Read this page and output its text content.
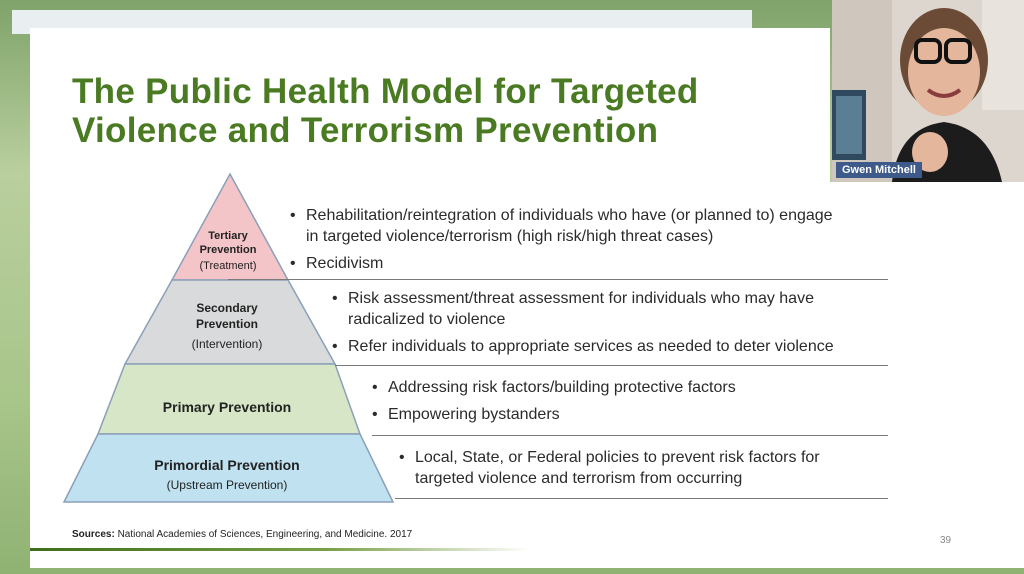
The Public Health Model for Targeted
Violence and Terrorism Prevention
Tertiary
Prevention
(Treatment)
Secondary
Prevention
(Intervention)
Primary Prevention
Primordial Prevention
(Upstream Prevention)
• Rehabilitation/reintegration of individuals who have (or planned to) engage in targeted violence/terrorism (high risk/high threat cases)
• Recidivism
• Risk assessment/threat assessment for individuals who may have radicalized to violence
• Refer individuals to appropriate services as needed to deter violence
• Addressing risk factors/building protective factors
• Empowering bystanders
• Local, State, or Federal policies to prevent risk factors for targeted violence and terrorism from occurring
Sources: National Academies of Sciences, Engineering, and Medicine. 2017
39
Gwen Mitchell
